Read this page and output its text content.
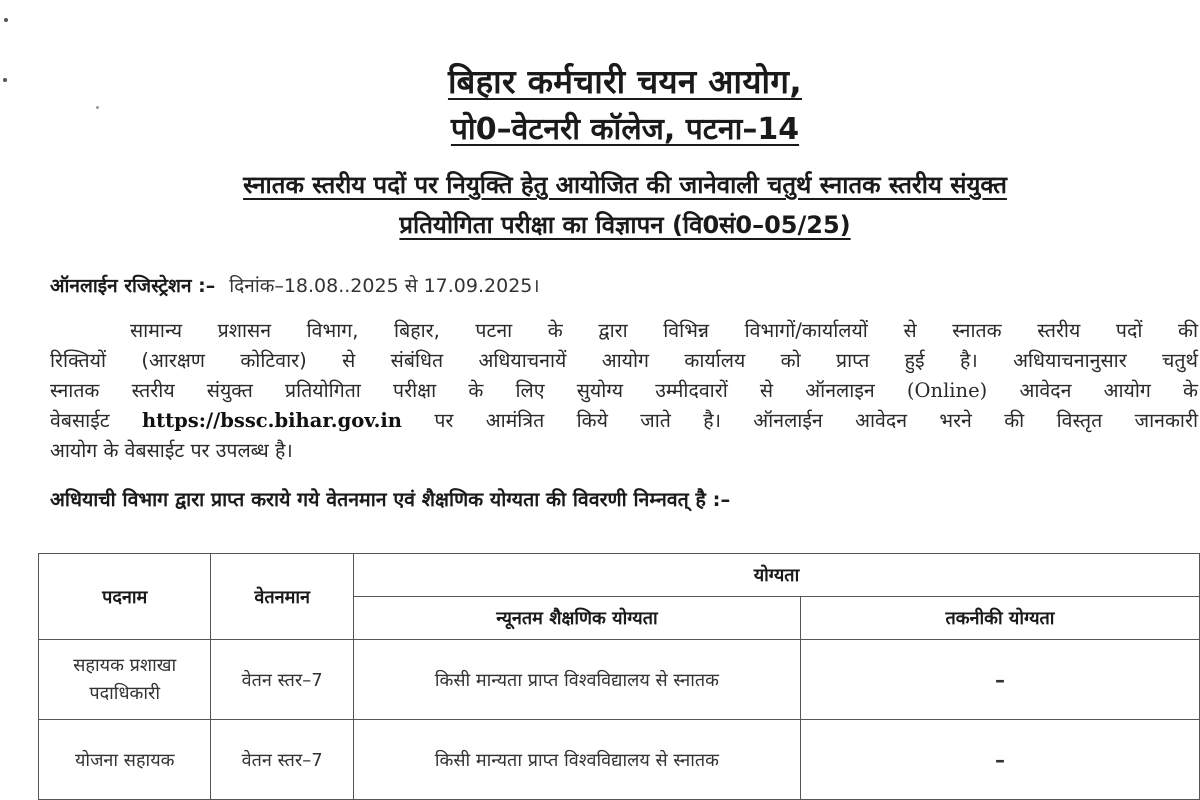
बिहार कर्मचारी चयन आयोग,
पो0–वेटनरी कॉलेज, पटना–14
स्नातक स्तरीय पदों पर नियुक्ति हेतु आयोजित की जानेवाली चतुर्थ स्नातक स्तरीय संयुक्त
प्रतियोगिता परीक्षा का विज्ञापन (वि0सं0–05/25)
ऑनलाईन रजिस्ट्रेशन :– दिनांक–18.08..2025 से 17.09.2025।
सामान्य प्रशासन विभाग, बिहार, पटना के द्वारा विभिन्न विभागों/कार्यालयों से स्नातक स्तरीय पदों की
रिक्तियों (आरक्षण कोटिवार) से संबंधित अधियाचनायें आयोग कार्यालय को प्राप्त हुई है। अधियाचनानुसार चतुर्थ
स्नातक स्तरीय संयुक्त प्रतियोगिता परीक्षा के लिए सुयोग्य उम्मीदवारों से ऑनलाइन (Online) आवेदन आयोग के
वेबसाईट https://bssc.bihar.gov.in पर आमंत्रित किये जाते है। ऑनलाईन आवेदन भरने की विस्तृत जानकारी
आयोग के वेबसाईट पर उपलब्ध है।
अधियाची विभाग द्वारा प्राप्त कराये गये वेतनमान एवं शैक्षणिक योग्यता की विवरणी निम्नवत् है :–
पदनाम	वेतनमान	योग्यता	
		न्यूनतम शैक्षणिक योग्यता	तकनीकी योग्यता
सहायक प्रशाखा
पदाधिकारी	वेतन स्तर–7	किसी मान्यता प्राप्त विश्वविद्यालय से स्नातक	–
योजना सहायक	वेतन स्तर–7	किसी मान्यता प्राप्त विश्वविद्यालय से स्नातक	–
